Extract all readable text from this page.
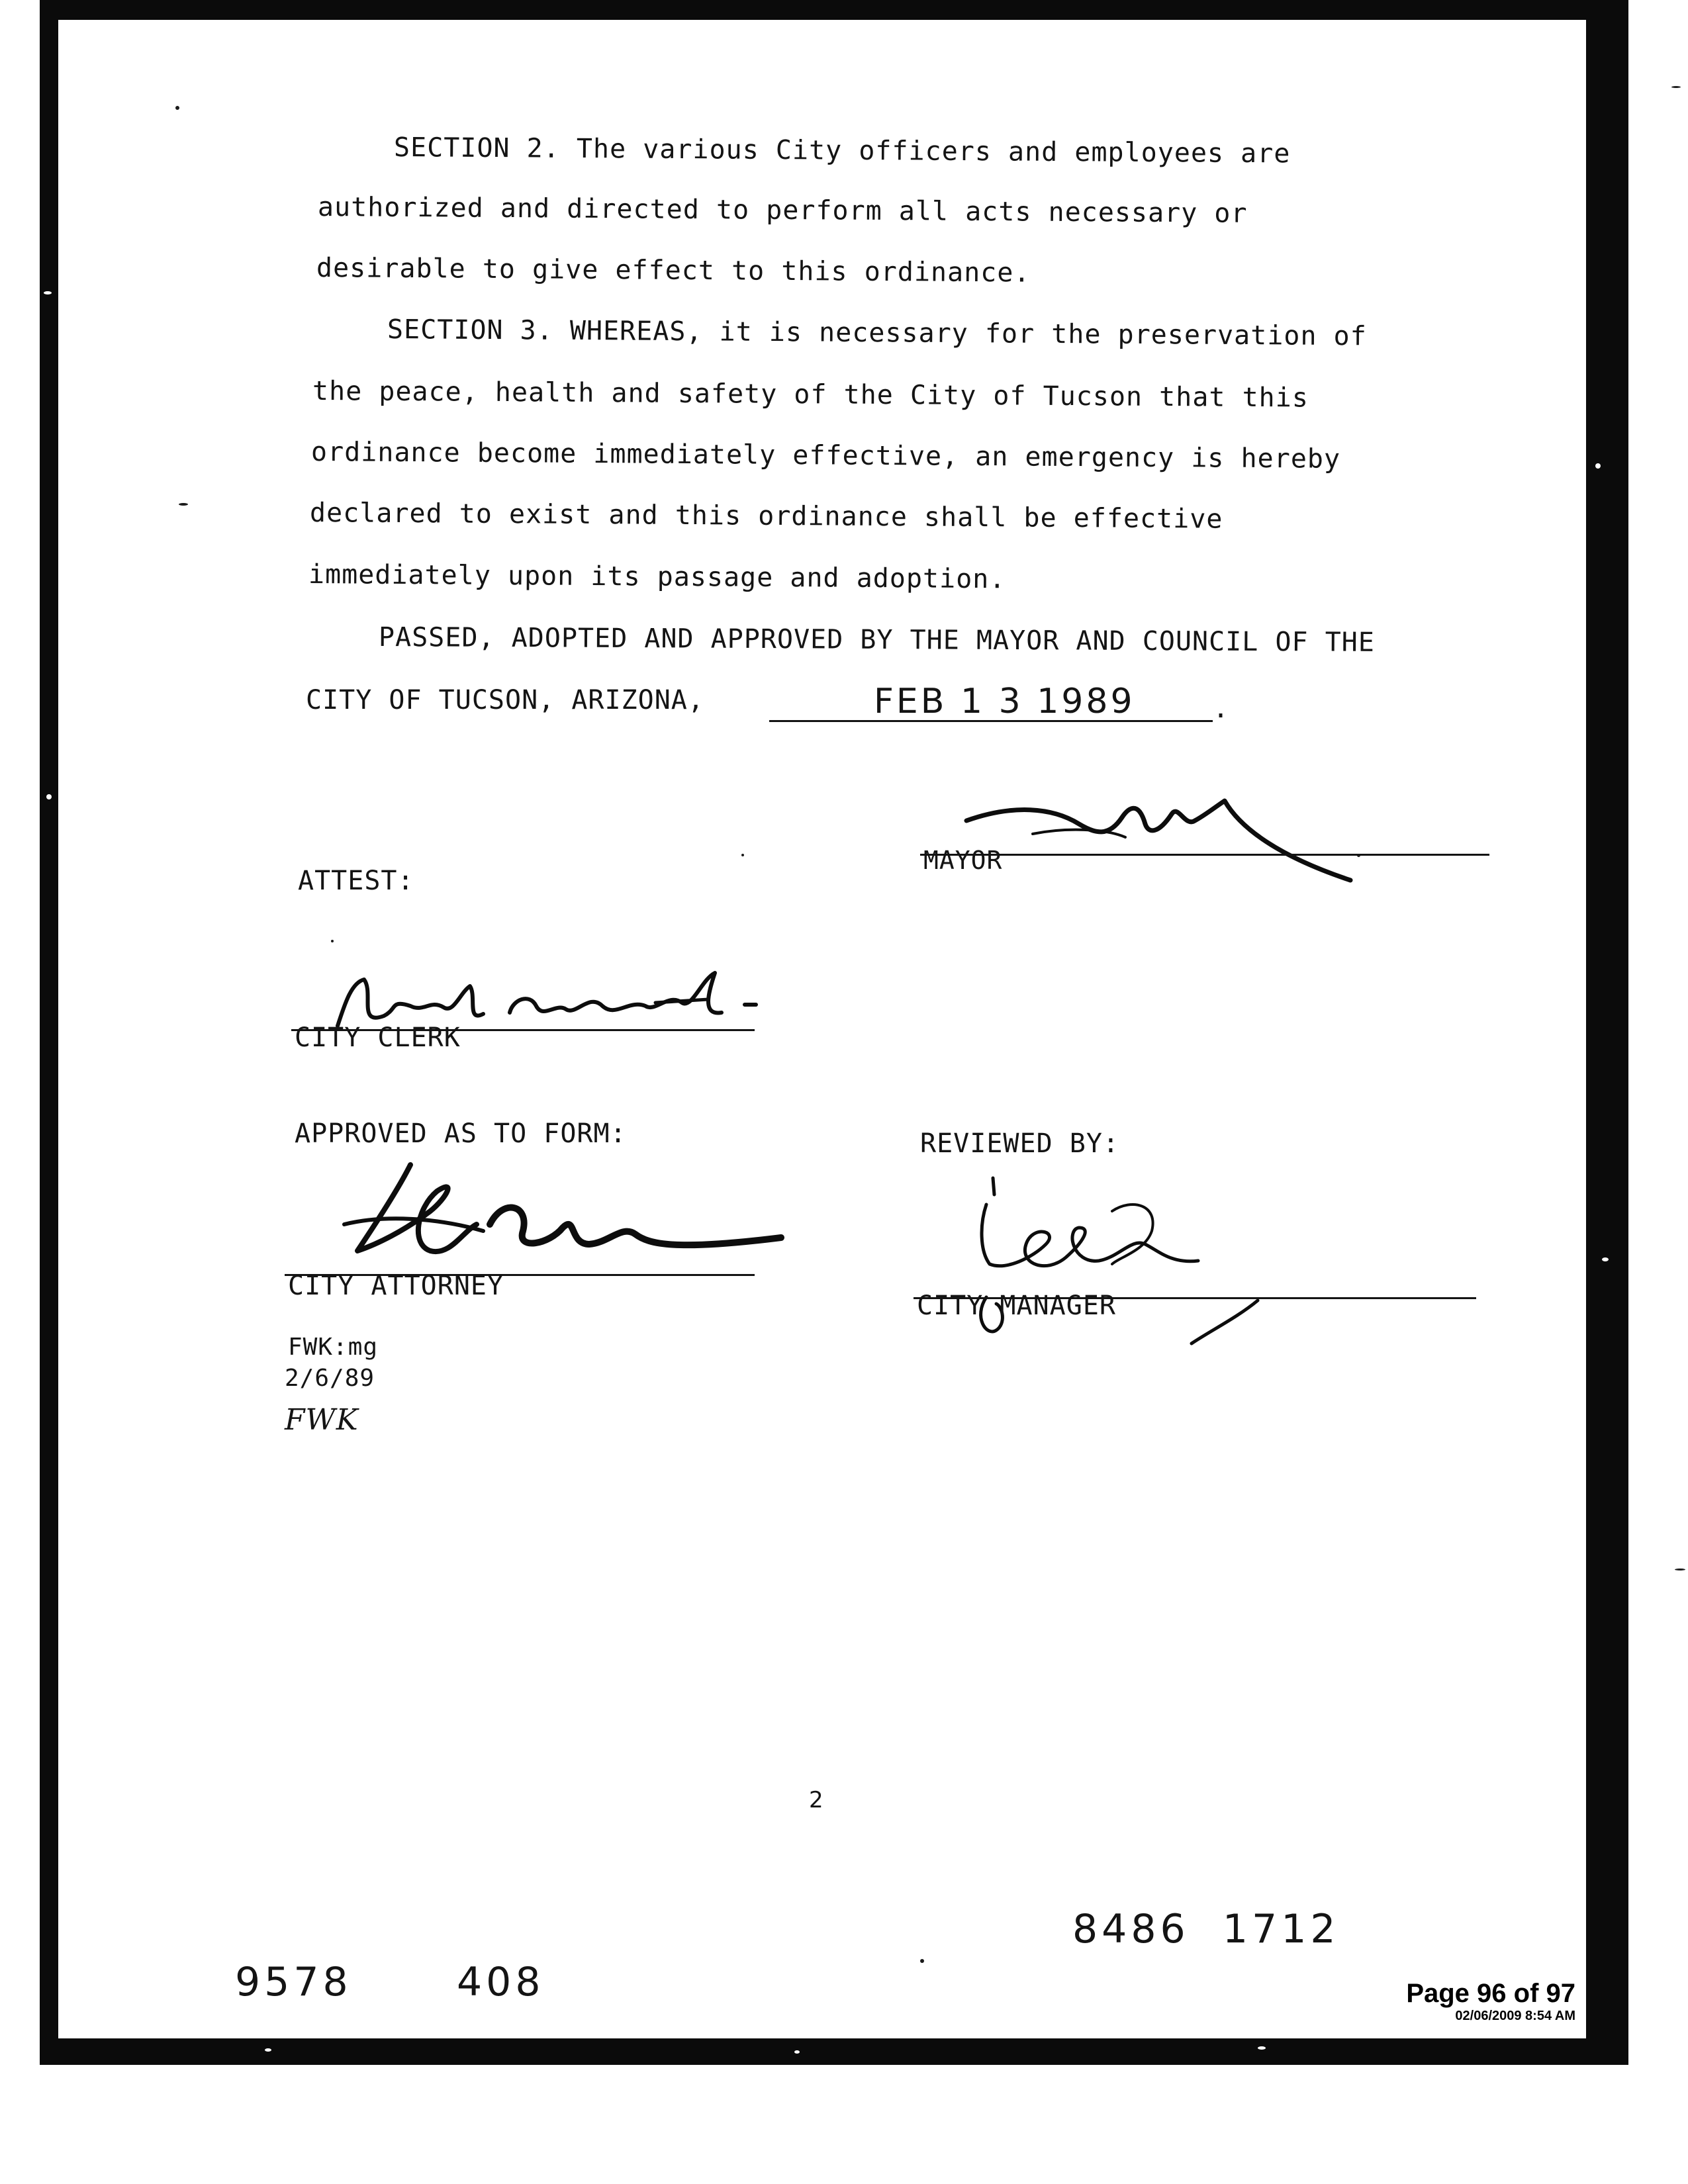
SECTION 2. The various City officers and employees are
authorized and directed to perform all acts necessary or
desirable to give effect to this ordinance.
SECTION 3. WHEREAS, it is necessary for the preservation of
the peace, health and safety of the City of Tucson that this
ordinance become immediately effective, an emergency is hereby
declared to exist and this ordinance shall be effective
immediately upon its passage and adoption.
PASSED, ADOPTED AND APPROVED BY THE MAYOR AND COUNCIL OF THE
CITY OF TUCSON, ARIZONA,	FEB 1 3 1989	.
MAYOR
ATTEST:
CITY CLERK
APPROVED AS TO FORM:
CITY ATTORNEY
REVIEWED BY:
CITY MANAGER
FWK:mg
2/6/89
FWK
2
8486  1712
9578	408	Page 96 of 97
02/06/2009 8:54 AM
